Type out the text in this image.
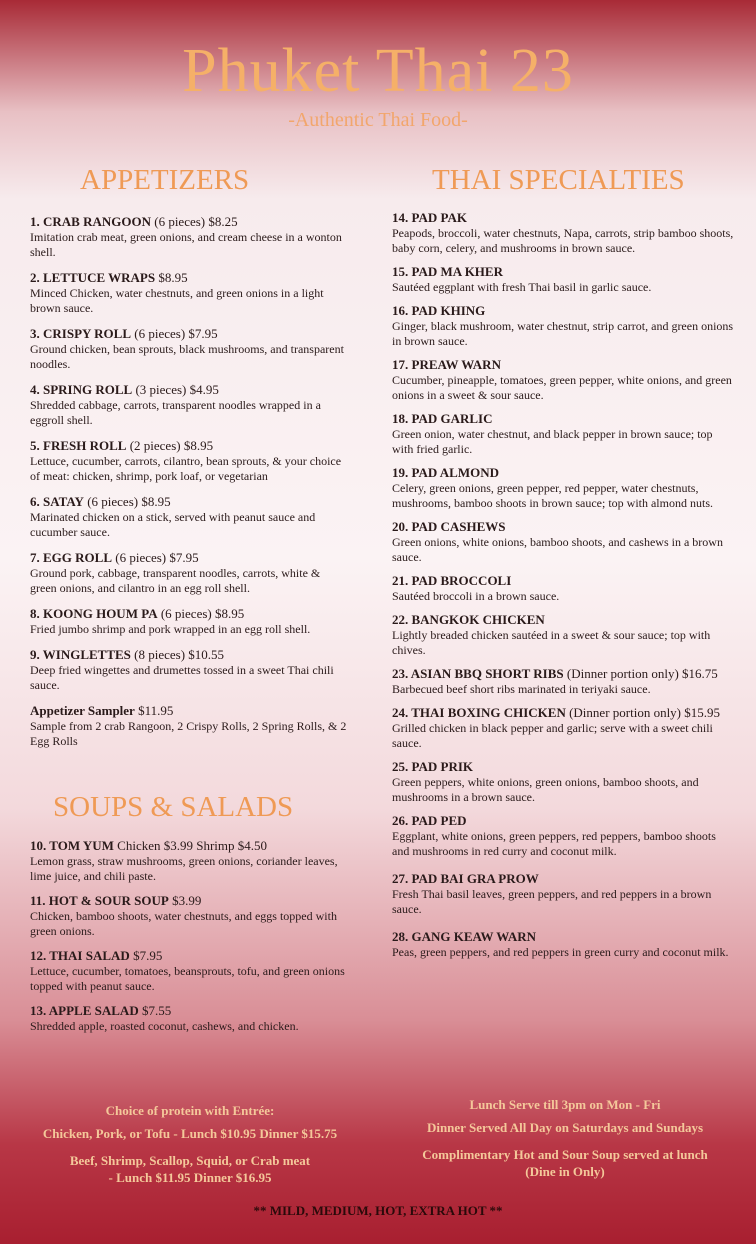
Phuket Thai 23
-Authentic Thai Food-
APPETIZERS
1. CRAB RANGOON (6 pieces) $8.25
Imitation crab meat, green onions, and cream cheese in a wonton shell.
2. LETTUCE WRAPS $8.95
Minced Chicken, water chestnuts, and green onions in a light brown sauce.
3. CRISPY ROLL (6 pieces) $7.95
Ground chicken, bean sprouts, black mushrooms, and transparent noodles.
4. SPRING ROLL (3 pieces) $4.95
Shredded cabbage, carrots, transparent noodles wrapped in a eggroll shell.
5. FRESH ROLL (2 pieces) $8.95
Lettuce, cucumber, carrots, cilantro, bean sprouts, & your choice of meat: chicken, shrimp, pork loaf, or vegetarian
6. SATAY (6 pieces) $8.95
Marinated chicken on a stick, served with peanut sauce and cucumber sauce.
7. EGG ROLL (6 pieces) $7.95
Ground pork, cabbage, transparent noodles, carrots, white & green onions, and cilantro in an egg roll shell.
8. KOONG HOUM PA (6 pieces) $8.95
Fried jumbo shrimp and pork wrapped in an egg roll shell.
9. WINGLETTES (8 pieces) $10.55
Deep fried wingettes and drumettes tossed in a sweet Thai chili sauce.
Appetizer Sampler $11.95
Sample from 2 crab Rangoon, 2 Crispy Rolls, 2 Spring Rolls, & 2 Egg Rolls
SOUPS & SALADS
10. TOM YUM Chicken $3.99 Shrimp $4.50
Lemon grass, straw mushrooms, green onions, coriander leaves, lime juice, and chili paste.
11. HOT & SOUR SOUP $3.99
Chicken, bamboo shoots, water chestnuts, and eggs topped with green onions.
12. THAI SALAD $7.95
Lettuce, cucumber, tomatoes, beansprouts, tofu, and green onions topped with peanut sauce.
13. APPLE SALAD $7.55
Shredded apple, roasted coconut, cashews, and chicken.
THAI SPECIALTIES
14. PAD PAK
Peapods, broccoli, water chestnuts, Napa, carrots, strip bamboo shoots, baby corn, celery, and mushrooms in brown sauce.
15. PAD MA KHER
Sautéed eggplant with fresh Thai basil in garlic sauce.
16. PAD KHING
Ginger, black mushroom, water chestnut, strip carrot, and green onions in brown sauce.
17. PREAW WARN
Cucumber, pineapple, tomatoes, green pepper, white onions, and green onions in a sweet & sour sauce.
18. PAD GARLIC
Green onion, water chestnut, and black pepper in brown sauce; top with fried garlic.
19. PAD ALMOND
Celery, green onions, green pepper, red pepper, water chestnuts, mushrooms, bamboo shoots in brown sauce; top with almond nuts.
20. PAD CASHEWS
Green onions, white onions, bamboo shoots, and cashews in a brown sauce.
21. PAD BROCCOLI
Sautéed broccoli in a brown sauce.
22. BANGKOK CHICKEN
Lightly breaded chicken sautéed in a sweet & sour sauce; top with chives.
23. ASIAN BBQ SHORT RIBS (Dinner portion only) $16.75
Barbecued beef short ribs marinated in teriyaki sauce.
24. THAI BOXING CHICKEN (Dinner portion only) $15.95
Grilled chicken in black pepper and garlic; serve with a sweet chili sauce.
25. PAD PRIK
Green peppers, white onions, green onions, bamboo shoots, and mushrooms in a brown sauce.
26. PAD PED
Eggplant, white onions, green peppers, red peppers, bamboo shoots and mushrooms in red curry and coconut milk.
27. PAD BAI GRA PROW
Fresh Thai basil leaves, green peppers, and red peppers in a brown sauce.
28. GANG KEAW WARN
Peas, green peppers, and red peppers in green curry and coconut milk.
Choice of protein with Entrée:
Chicken, Pork, or Tofu - Lunch $10.95 Dinner $15.75
Beef, Shrimp, Scallop, Squid, or Crab meat
- Lunch $11.95 Dinner $16.95
Lunch Serve till 3pm on Mon - Fri
Dinner Served All Day on Saturdays and Sundays
Complimentary Hot and Sour Soup served at lunch
(Dine in Only)
** MILD, MEDIUM, HOT, EXTRA HOT **
